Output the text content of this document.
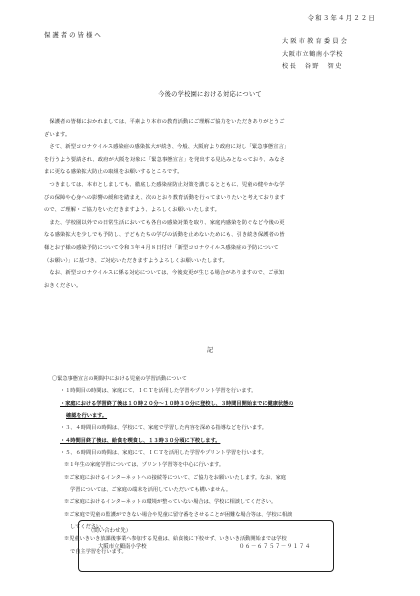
令和３年４月２２日
保護者の皆様へ
大阪市教育委員会
大阪市立鶴南小学校
校長　谷野　智史
今後の学校園における対応について

　保護者の皆様におかれましては、平素より本市の教育活動にご理解ご協力をいただきありがとうご

ざいます。

　さて、新型コロナウイルス感染症の感染拡大が続き、今般、大阪府より政府に対し「緊急事態宣言」

を行うよう要請され、政府が大阪を対象に「緊急事態宣言」を発出する見込みとなっており、みなさ

まに更なる感染拡大防止の取組をお願いするところです。

　つきましては、本市としましても、徹底した感染症防止対策を講じるとともに、児童の健やかな学

びの保障や心身への影響の緩和を踏まえ、次のとおり教育活動を行ってまいりたいと考えております

ので、ご理解・ご協力をいただきますよう、よろしくお願いいたします。

　また、学校園以外での日常生活においても各自の感染対策を取り、家庭内感染を防ぐなど今後の更

なる感染拡大を少しでも予防し、子どもたちの学びの活動を止めないためにも、引き続き保護者の皆

様とお子様の感染予防について令和３年４月８日付け「新型コロナウイルス感染症の予防について

（お願い）」に基づき、ご対応いただきますようよろしくお願いいたします。

　なお、新型コロナウイルスに係る対応については、今後変更が生じる場合がありますので、ご承知

おきください。

記

〇緊急事態宣言の期間中における児童の学習活動について

・１時間目の時間は、家庭にて、ＩＣＴを活用した学習やプリント学習を行います。

・家庭における学習終了後は１０時２０分～１０時３０分に登校し、３時間目開始までに健康状態の

確認を行います。

・３、４時間目の時間は、学校にて、家庭で学習した内容を深める指導などを行います。

・４時間目終了後は、給食を喫食し、１３時３０分頃に下校します。

・５、６時間目の時間は、家庭にて、ＩＣＴを活用した学習やプリント学習を行います。

※１年生の家庭学習については、プリント学習等を中心に行います。

※ご家庭におけるインターネットへの接続等について、ご協力をお願いいたします。なお、家庭

学習については、ご家庭の端末を活用していただいても構いません。

※ご家庭におけるインターネットの環境が整っていない場合は、学校に相談してください。

※ご家庭で児童の監護ができない場合や児童に留守番をさせることが困難な場合等は、学校に相談

してください。

※児童いきいき放課後事業へ参加する児童は、給食後に下校せず、いきいき活動開始までは学校

で自主学習を行います。

（問い合わせ先）
大阪市立鶴南小学校	０６－６７５７－９１７４
